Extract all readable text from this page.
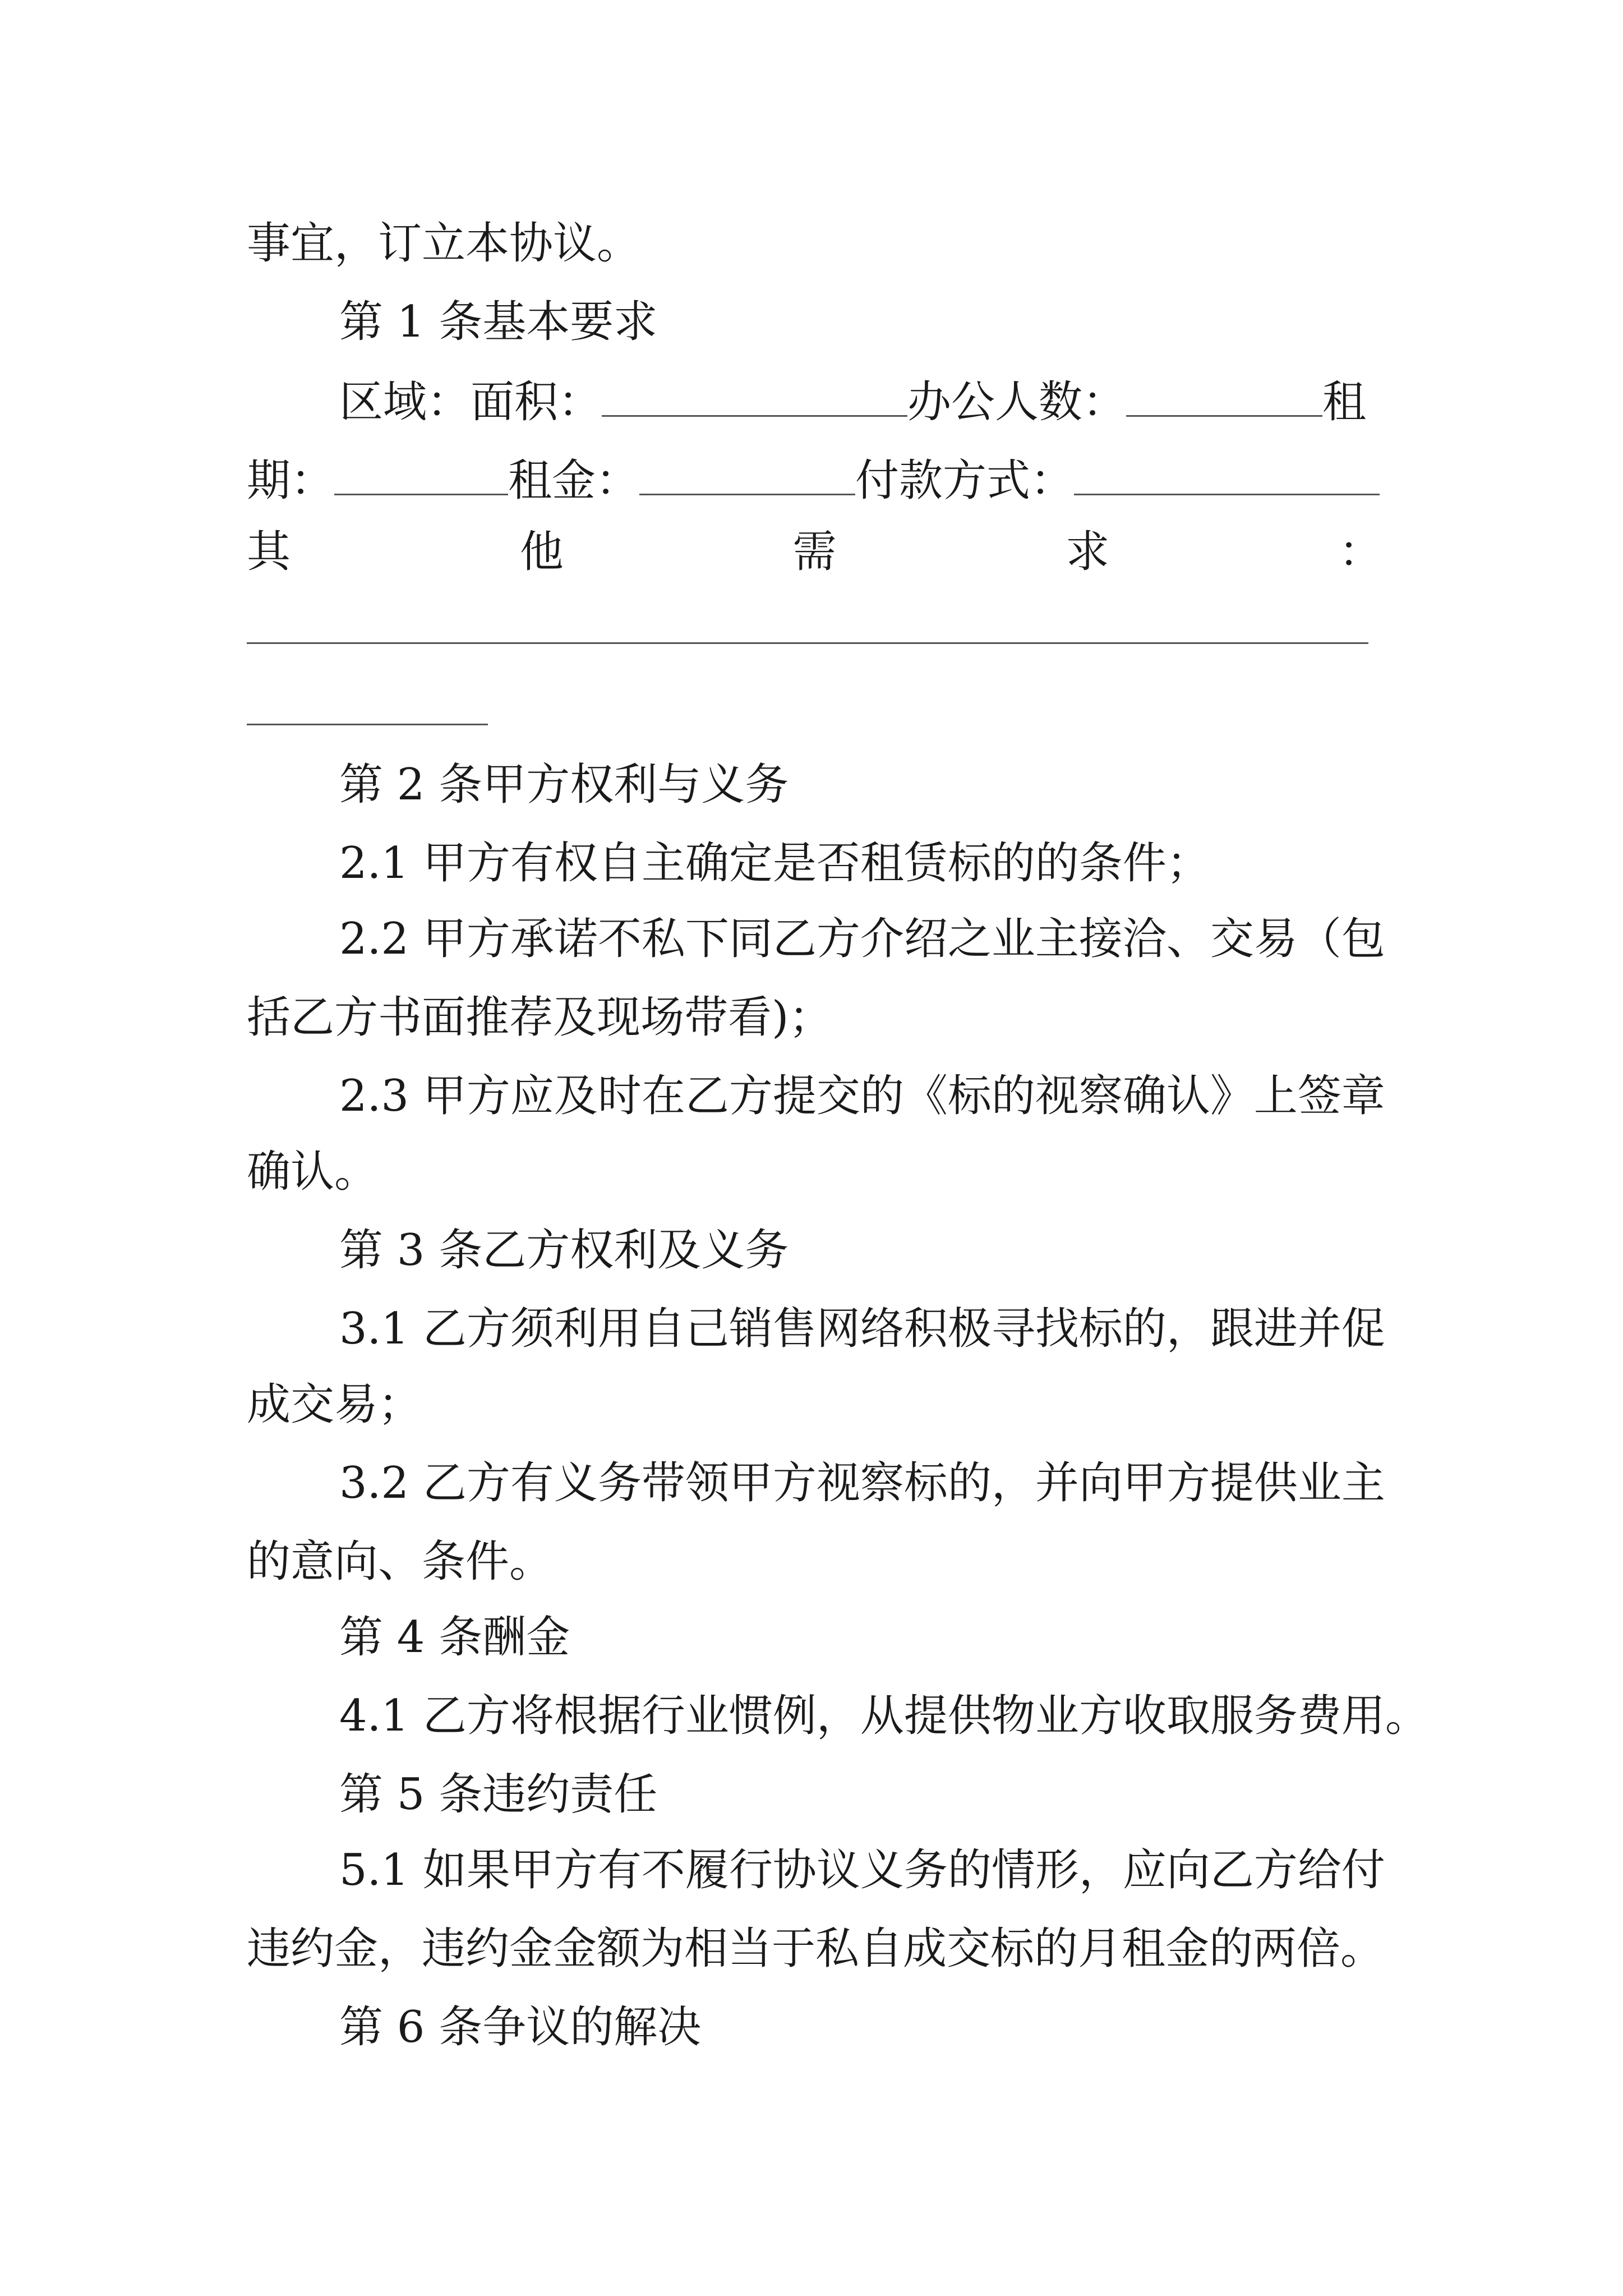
事宜，订立本协议。
第 1 条基本要求
区域：面积：	办公人数：	租
期：	租金：	付款方式：
其	他	需	求	：
第 2 条甲方权利与义务
2.1 甲方有权自主确定是否租赁标的的条件；
2.2 甲方承诺不私下同乙方介绍之业主接洽、交易（包
括乙方书面推荐及现场带看)；
2.3 甲方应及时在乙方提交的《标的视察确认》上签章
确认。
第 3 条乙方权利及义务
3.1 乙方须利用自己销售网络积极寻找标的，跟进并促
成交易；
3.2 乙方有义务带领甲方视察标的，并向甲方提供业主
的意向、条件。
第 4 条酬金
4.1 乙方将根据行业惯例，从提供物业方收取服务费用。
第 5 条违约责任
5.1 如果甲方有不履行协议义务的情形，应向乙方给付
违约金，违约金金额为相当于私自成交标的月租金的两倍。
第 6 条争议的解决
